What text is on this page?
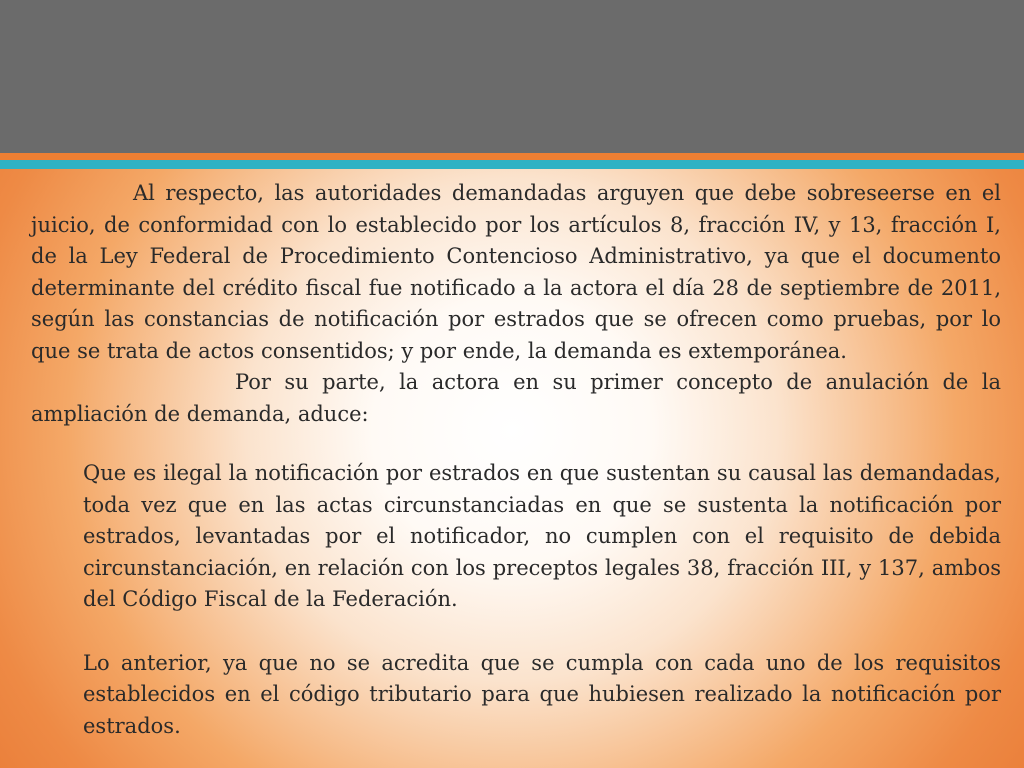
Al respecto, las autoridades demandadas arguyen que debe sobreseerse en el juicio, de conformidad con lo establecido por los artículos 8, fracción IV, y 13, fracción I, de la Ley Federal de Procedimiento Contencioso Administrativo, ya que el documento determinante del crédito fiscal fue notificado a la actora el día 28 de septiembre de 2011, según las constancias de notificación por estrados que se ofrecen como pruebas, por lo que se trata de actos consentidos; y por ende, la demanda es extemporánea.

Por su parte, la actora en su primer concepto de anulación de la ampliación de demanda, aduce:

Que es ilegal la notificación por estrados en que sustentan su causal las demandadas, toda vez que en las actas circunstanciadas en que se sustenta la notificación por estrados, levantadas por el notificador, no cumplen con el requisito de debida circunstanciación, en relación con los preceptos legales 38, fracción III, y 137, ambos del Código Fiscal de la Federación.

Lo anterior, ya que no se acredita que se cumpla con cada uno de los requisitos establecidos en el código tributario para que hubiesen realizado la notificación por estrados.
